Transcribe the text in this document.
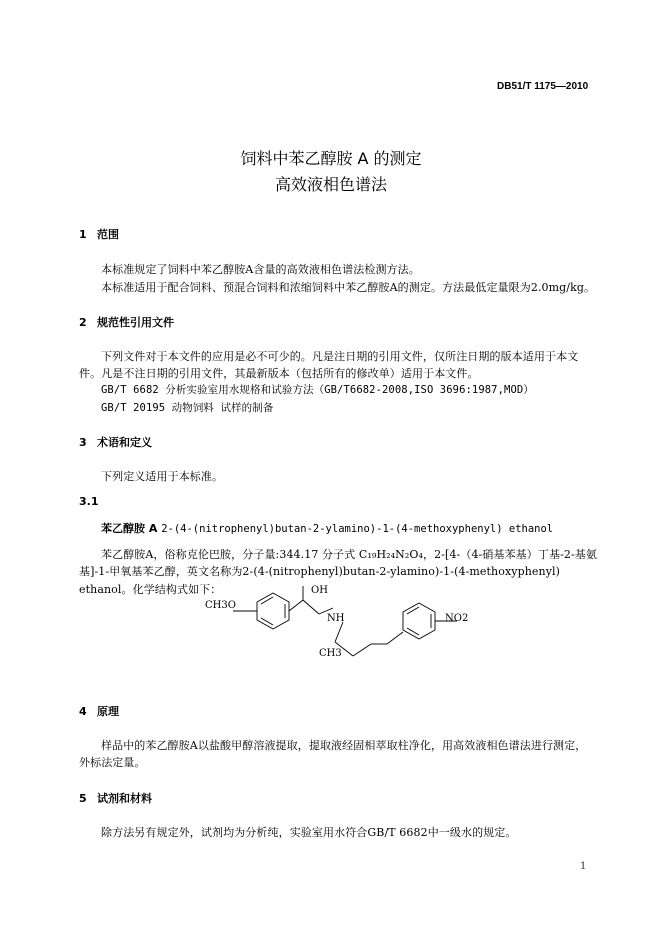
DB51/T 1175—2010
饲料中苯乙醇胺 A 的测定
高效液相色谱法
1 范围
本标准规定了饲料中苯乙醇胺A含量的高效液相色谱法检测方法。
本标准适用于配合饲料、预混合饲料和浓缩饲料中苯乙醇胺A的测定。方法最低定量限为2.0mg/kg。
2 规范性引用文件
下列文件对于本文件的应用是必不可少的。凡是注日期的引用文件，仅所注日期的版本适用于本文
件。凡是不注日期的引用文件，其最新版本（包括所有的修改单）适用于本文件。
GB/T 6682 分析实验室用水规格和试验方法（GB/T6682-2008,ISO 3696:1987,MOD）
GB/T 20195 动物饲料 试样的制备
3 术语和定义
下列定义适用于本标准。
3.1
苯乙醇胺 A 2-(4-(nitrophenyl)butan-2-ylamino)-1-(4-methoxyphenyl) ethanol
苯乙醇胺A，俗称克伦巴胺，分子量:344.17 分子式 C₁₉H₂₄N₂O₄，2-[4-（4-硝基苯基）丁基-2-基氨
基]-1-甲氧基苯乙醇，英文名称为2-(4-(nitrophenyl)butan-2-ylamino)-1-(4-methoxyphenyl)
ethanol。化学结构式如下：	OH
CH3O
NH	NO2
CH3
4 原理
样品中的苯乙醇胺A以盐酸甲醇溶液提取，提取液经固相萃取柱净化，用高效液相色谱法进行测定，
外标法定量。
5 试剂和材料
除方法另有规定外，试剂均为分析纯，实验室用水符合GB/T 6682中一级水的规定。
1
